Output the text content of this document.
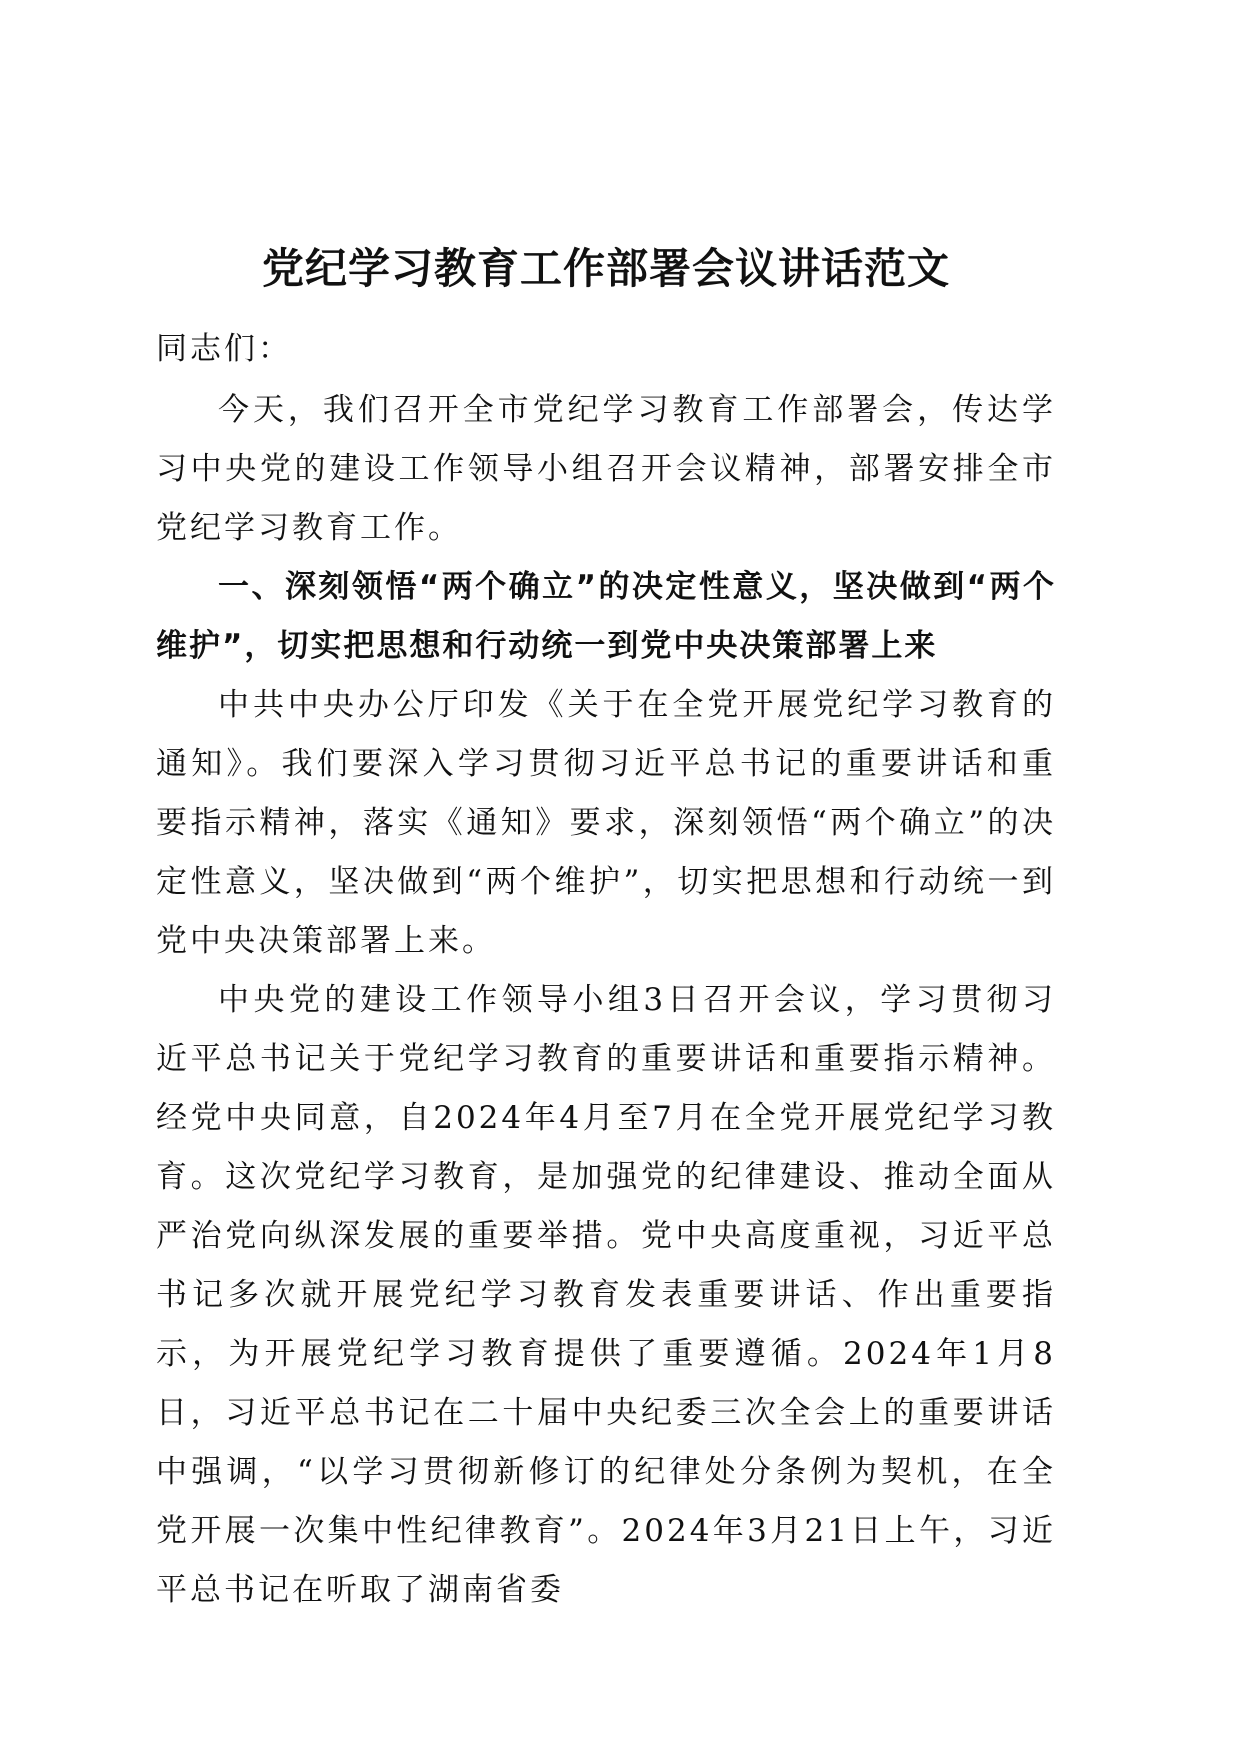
党纪学习教育工作部署会议讲话范文

同志们：

今天，我们召开全市党纪学习教育工作部署会，传达学习中央党的建设工作领导小组召开会议精神，部署安排全市党纪学习教育工作。

一、深刻领悟“两个确立”的决定性意义，坚决做到“两个维护”，切实把思想和行动统一到党中央决策部署上来

中共中央办公厅印发《关于在全党开展党纪学习教育的通知》。我们要深入学习贯彻习近平总书记的重要讲话和重要指示精神，落实《通知》要求，深刻领悟“两个确立”的决定性意义，坚决做到“两个维护”，切实把思想和行动统一到党中央决策部署上来。

中央党的建设工作领导小组3日召开会议，学习贯彻习近平总书记关于党纪学习教育的重要讲话和重要指示精神。经党中央同意，自2024年4月至7月在全党开展党纪学习教育。这次党纪学习教育，是加强党的纪律建设、推动全面从严治党向纵深发展的重要举措。党中央高度重视，习近平总书记多次就开展党纪学习教育发表重要讲话、作出重要指示，为开展党纪学习教育提供了重要遵循。2024年1月8日，习近平总书记在二十届中央纪委三次全会上的重要讲话中强调，“以学习贯彻新修订的纪律处分条例为契机，在全党开展一次集中性纪律教育”。2024年3月21日上午，习近平总书记在听取了湖南省委
